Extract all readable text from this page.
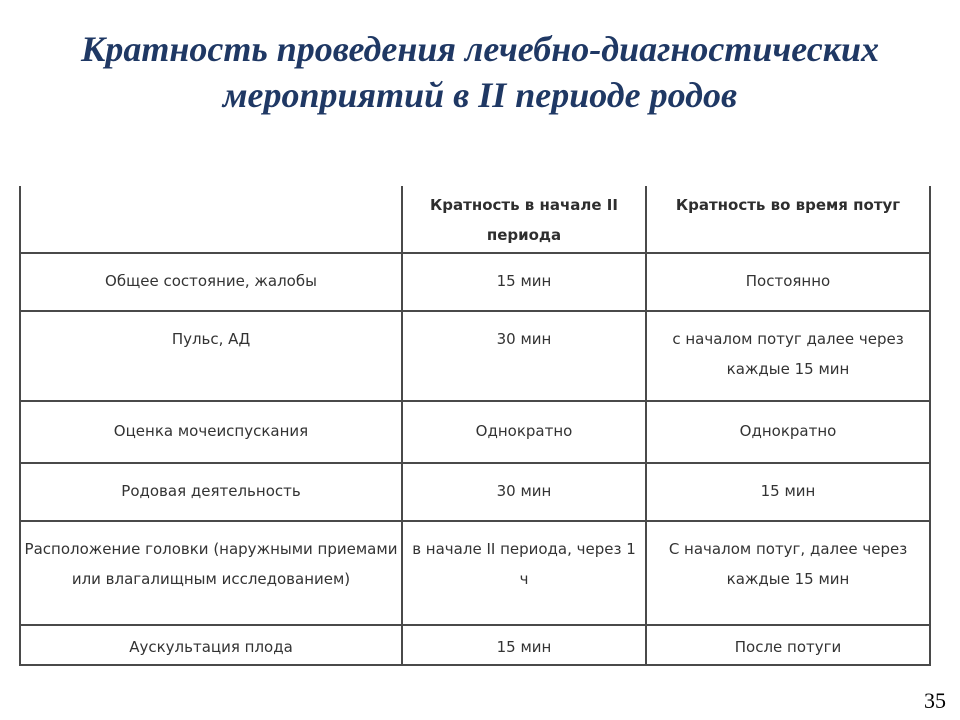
Кратность проведения лечебно-диагностических
мероприятий в II периоде родов
	Кратность в начале II периода	Кратность во время потуг
Общее состояние, жалобы	15 мин	Постоянно
Пульс, АД	30 мин	с началом потуг далее через каждые 15 мин
Оценка мочеиспускания	Однократно	Однократно
Родовая деятельность	30 мин	15 мин
Расположение головки (наружными приемами или влагалищным исследованием)	в начале II периода, через 1 ч	С началом потуг, далее через каждые 15 мин
Аускультация плода	15 мин	После потуги
35
